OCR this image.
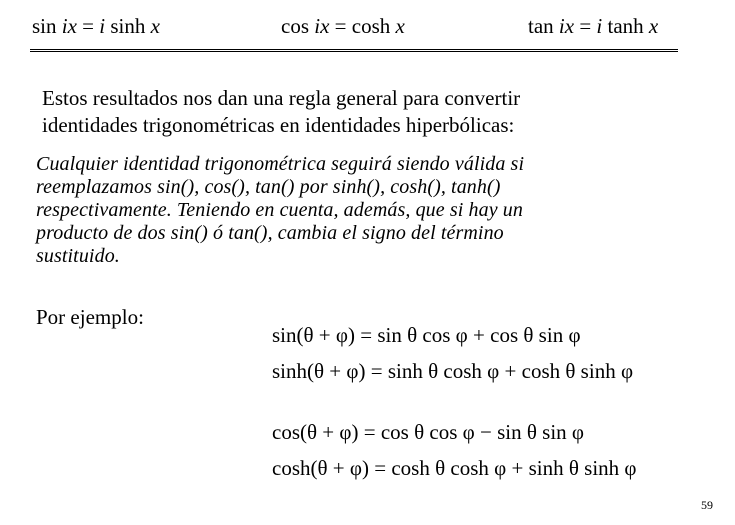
sin ix = i sinh x	cos ix = cosh x	tan ix = i tanh x
Estos resultados nos dan una regla general para convertir
identidades trigonométricas en identidades hiperbólicas:
Cualquier identidad trigonométrica seguirá siendo válida si
reemplazamos sin(), cos(), tan() por sinh(), cosh(), tanh()
respectivamente. Teniendo en cuenta, además, que si hay un
producto de dos sin() ó tan(), cambia el signo del término
sustituido.
Por ejemplo:
sin(θ + φ) = sin θ cos φ + cos θ sin φ
sinh(θ + φ) = sinh θ cosh φ + cosh θ sinh φ
cos(θ + φ) = cos θ cos φ − sin θ sin φ
cosh(θ + φ) = cosh θ cosh φ + sinh θ sinh φ
59
